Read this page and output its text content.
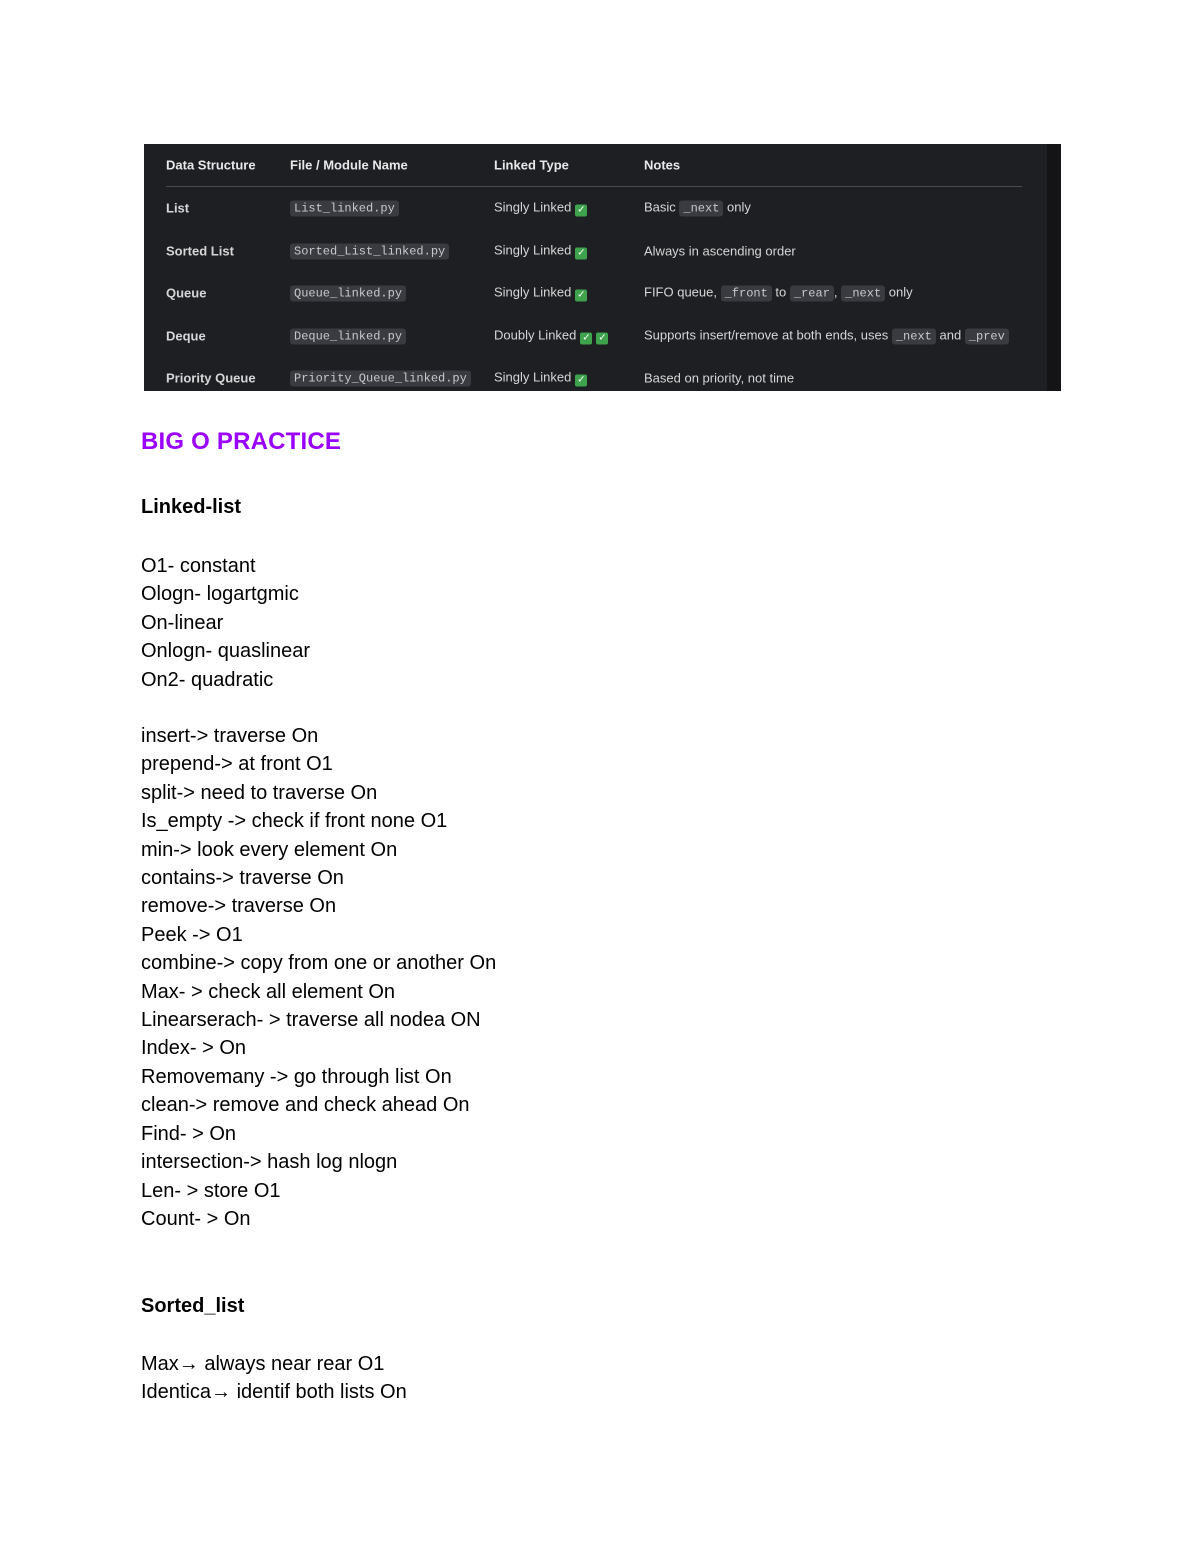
Data Structure	File / Module Name	Linked Type	Notes
List	List_linked.py	Singly Linked ✓	Basic _next only
Sorted List	Sorted_List_linked.py	Singly Linked ✓	Always in ascending order
Queue	Queue_linked.py	Singly Linked ✓	FIFO queue, _front to _rear , _next only
Deque	Deque_linked.py	Doubly Linked ✓ ✓	Supports insert/remove at both ends, uses _next and _prev
Priority Queue	Priority_Queue_linked.py	Singly Linked ✓	Based on priority, not time
BIG O PRACTICE
Linked-list
O1- constant
Ologn- logartgmic
On-linear
Onlogn- quaslinear
On2- quadratic
insert-> traverse On
prepend-> at front O1
split-> need to traverse On
Is_empty -> check if front none O1
min-> look every element On
contains-> traverse On
remove-> traverse On
Peek -> O1
combine-> copy from one or another On
Max- > check all element On
Linearserach- > traverse all nodea ON
Index- > On
Removemany -> go through list On
clean-> remove and check ahead On
Find- > On
intersection-> hash log nlogn
Len- > store O1
Count- > On
Sorted_list
Max→ always near rear O1
Identica→ identif both lists On
